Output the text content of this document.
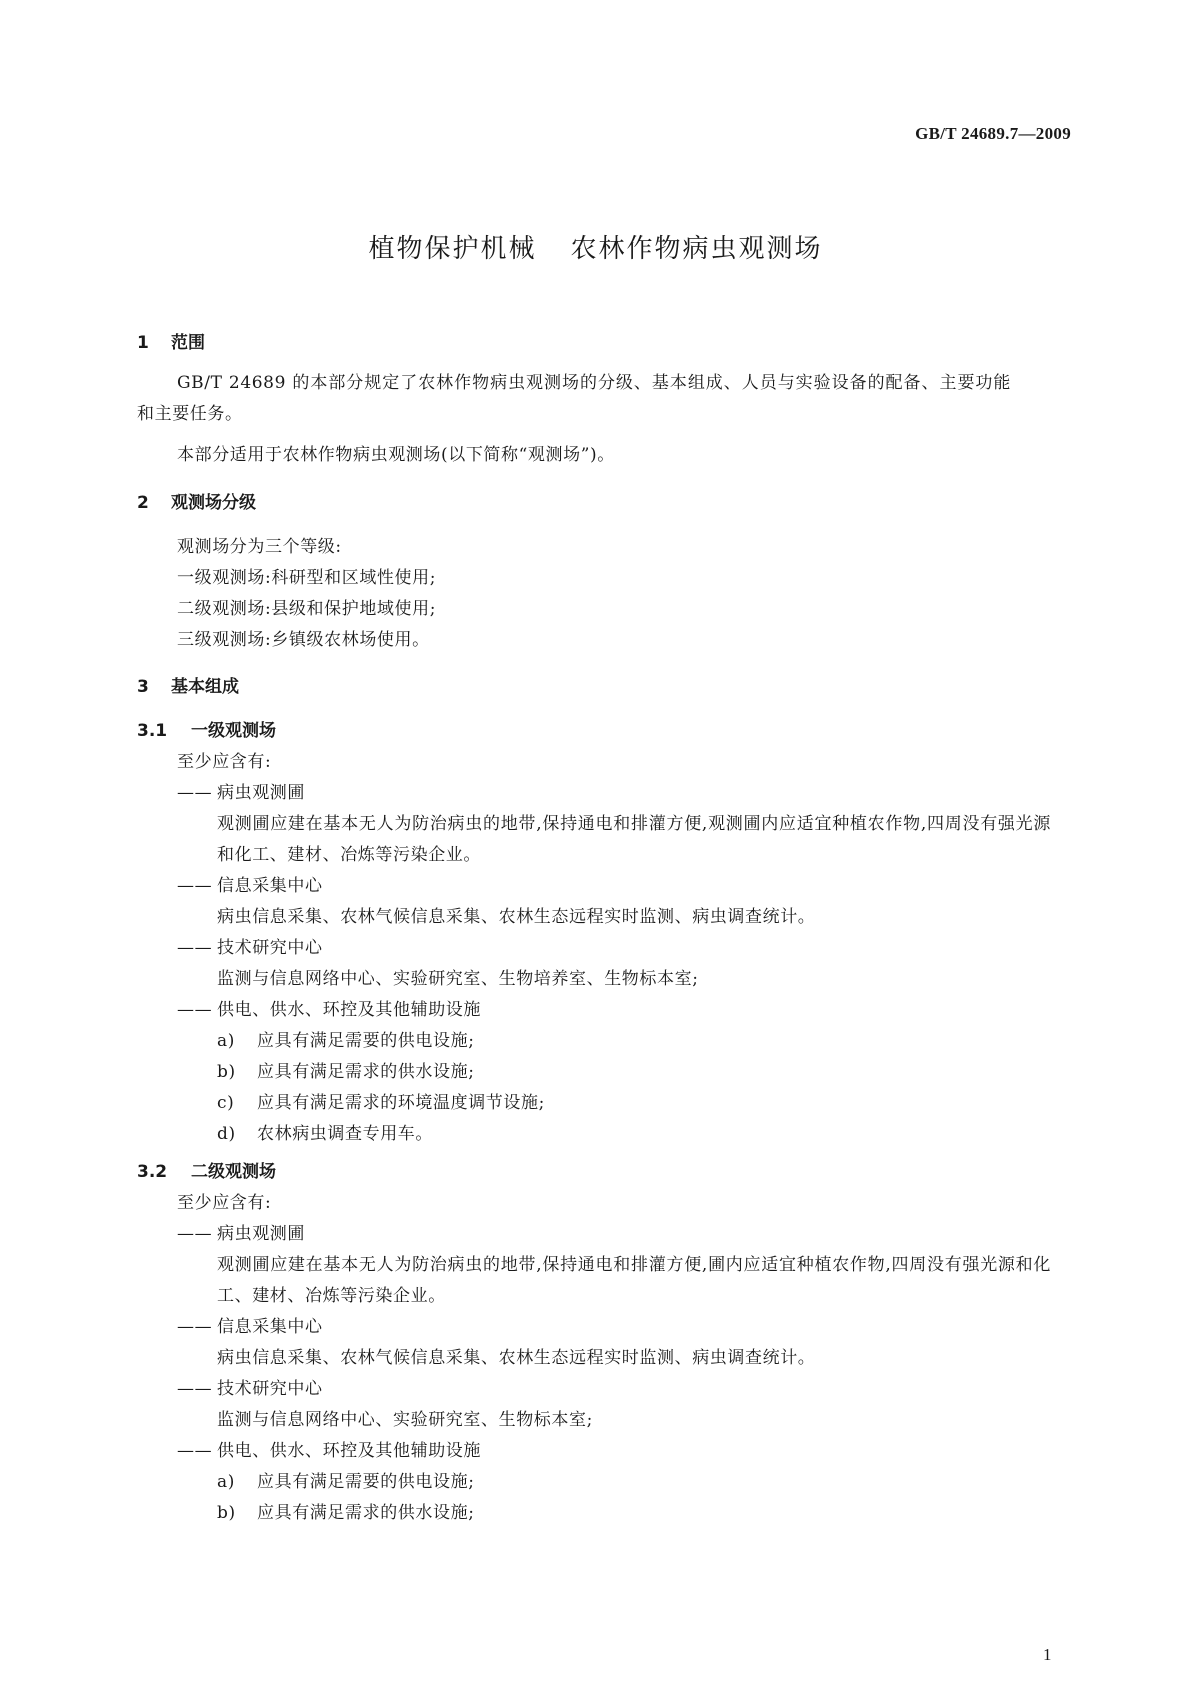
GB/T 24689.7—2009
植物保护机械 农林作物病虫观测场
1 范围
GB/T 24689 的本部分规定了农林作物病虫观测场的分级、基本组成、人员与实验设备的配备、主要功能和主要任务。
本部分适用于农林作物病虫观测场(以下简称“观测场”)。
2 观测场分级
观测场分为三个等级:
一级观测场:科研型和区域性使用;
二级观测场:县级和保护地域使用;
三级观测场:乡镇级农林场使用。
3 基本组成
3.1 一级观测场
至少应含有:
—— 病虫观测圃
观测圃应建在基本无人为防治病虫的地带,保持通电和排灌方便,观测圃内应适宜种植农作物,四周没有强光源和化工、建材、冶炼等污染企业。
—— 信息采集中心
病虫信息采集、农林气候信息采集、农林生态远程实时监测、病虫调查统计。
—— 技术研究中心
监测与信息网络中心、实验研究室、生物培养室、生物标本室;
—— 供电、供水、环控及其他辅助设施
a) 应具有满足需要的供电设施;
b) 应具有满足需求的供水设施;
c) 应具有满足需求的环境温度调节设施;
d) 农林病虫调查专用车。
3.2 二级观测场
至少应含有:
—— 病虫观测圃
观测圃应建在基本无人为防治病虫的地带,保持通电和排灌方便,圃内应适宜种植农作物,四周没有强光源和化工、建材、冶炼等污染企业。
—— 信息采集中心
病虫信息采集、农林气候信息采集、农林生态远程实时监测、病虫调查统计。
—— 技术研究中心
监测与信息网络中心、实验研究室、生物标本室;
—— 供电、供水、环控及其他辅助设施
a) 应具有满足需要的供电设施;
b) 应具有满足需求的供水设施;
1
